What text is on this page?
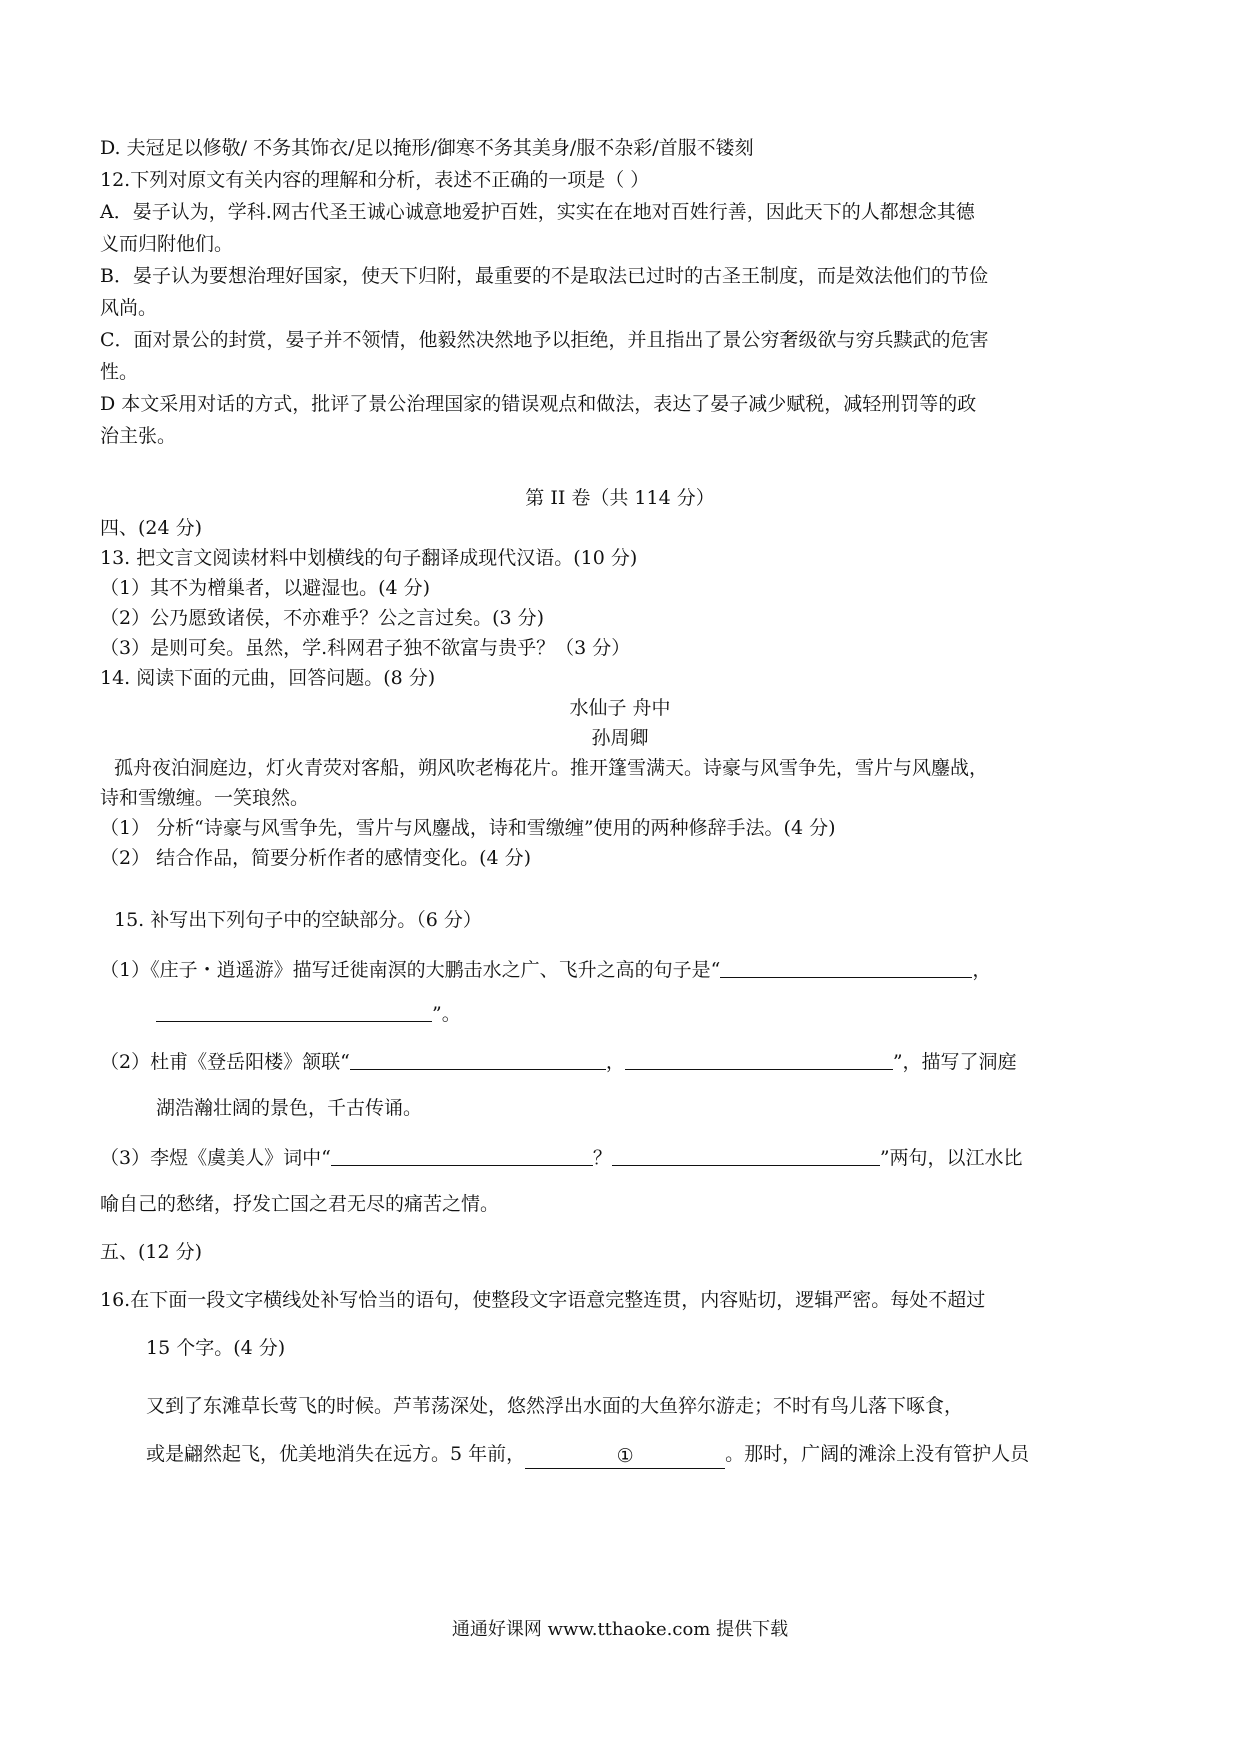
D. 夫冠足以修敬/ 不务其饰衣/足以掩形/御寒不务其美身/服不杂彩/首服不镂刻
12.下列对原文有关内容的理解和分析，表述不正确的一项是（ ）
A．晏子认为，学科.网古代圣王诚心诚意地爱护百姓，实实在在地对百姓行善，因此天下的人都想念其德
义而归附他们。
B．晏子认为要想治理好国家，使天下归附，最重要的不是取法已过时的古圣王制度，而是效法他们的节俭
风尚。
C．面对景公的封赏，晏子并不领情，他毅然决然地予以拒绝，并且指出了景公穷奢级欲与穷兵黩武的危害
性。
D 本文采用对话的方式，批评了景公治理国家的错误观点和做法，表达了晏子减少赋税，减轻刑罚等的政
治主张。
第 II 卷（共 114 分）
四、(24 分)
13. 把文言文阅读材料中划横线的句子翻译成现代汉语。(10 分)
（1）其不为橧巢者，以避湿也。(4 分)
（2）公乃愿致诸侯，不亦难乎？公之言过矣。(3 分)
（3）是则可矣。虽然，学.科网君子独不欲富与贵乎？（3 分）
14. 阅读下面的元曲，回答问题。(8 分)
水仙子 舟中
孙周卿
孤舟夜泊洞庭边，灯火青荧对客船，朔风吹老梅花片。推开篷雪满天。诗豪与风雪争先，雪片与风鏖战，
诗和雪缴缠。一笑琅然。
（1） 分析“诗豪与风雪争先，雪片与风鏖战，诗和雪缴缠”使用的两种修辞手法。(4 分)
（2） 结合作品，简要分析作者的感情变化。(4 分)
15. 补写出下列句子中的空缺部分。（6 分）
（1）《庄子・逍遥游》描写迁徙南溟的大鹏击水之广、飞升之高的句子是“	，
”。
（2）杜甫《登岳阳楼》颔联“	，	”，描写了洞庭
湖浩瀚壮阔的景色，千古传诵。
（3）李煜《虞美人》词中“	？	”两句，以江水比
喻自己的愁绪，抒发亡国之君无尽的痛苦之情。
五、(12 分)
16.在下面一段文字横线处补写恰当的语句，使整段文字语意完整连贯，内容贴切，逻辑严密。每处不超过
15 个字。(4 分)
又到了东滩草长莺飞的时候。芦苇荡深处，悠然浮出水面的大鱼猝尔游走；不时有鸟儿落下啄食，
或是翩然起飞，优美地消失在远方。5 年前，	①	。那时，广阔的滩涂上没有管护人员
通通好课网 www.tthaoke.com 提供下载
